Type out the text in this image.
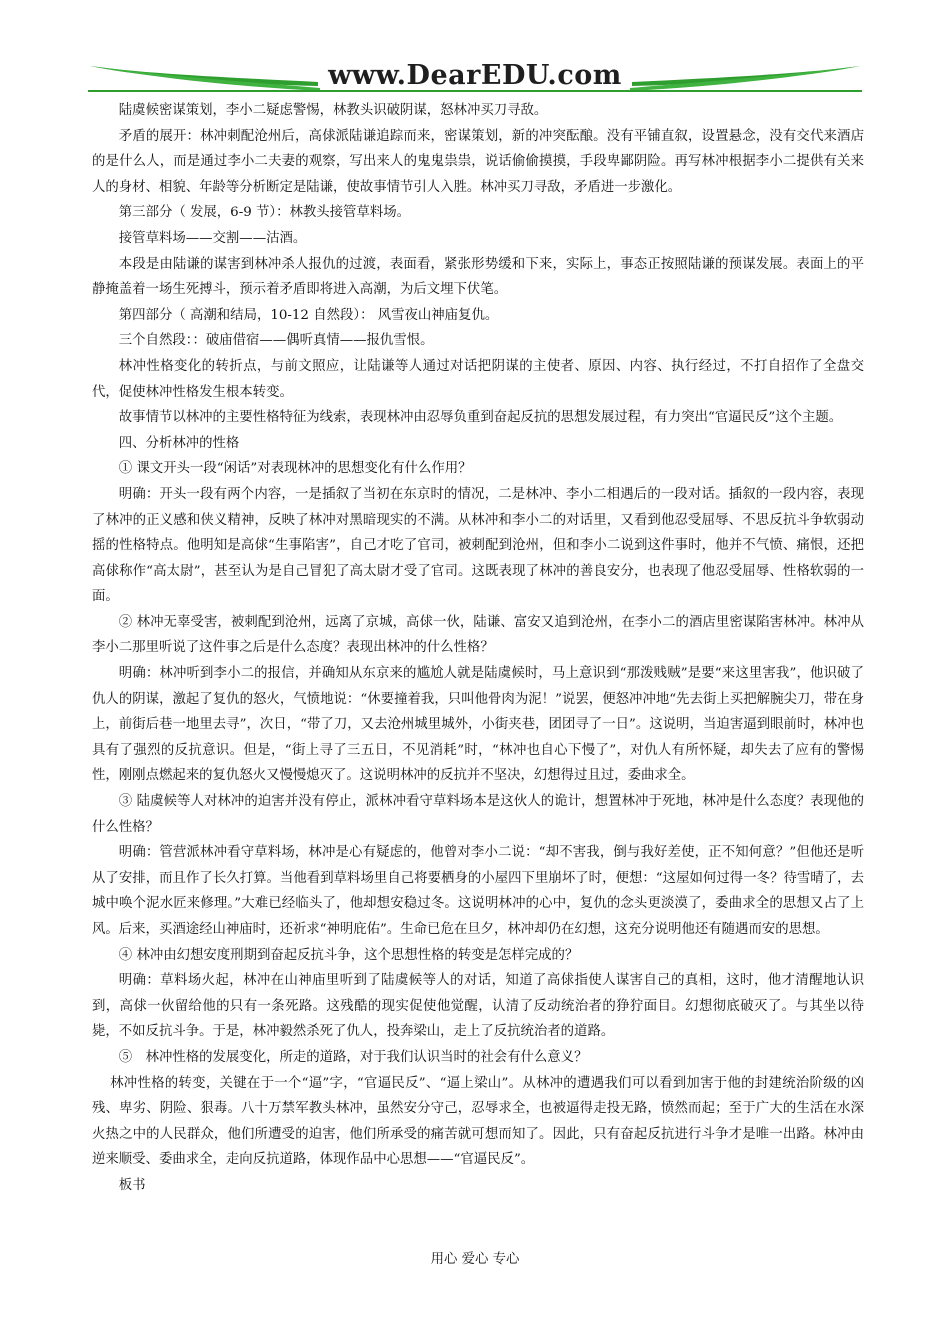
www.DearEDU.com

陆虞候密谋策划，李小二疑虑警惕，林教头识破阴谋，怒林冲买刀寻敌。

矛盾的展开：林冲刺配沧州后，高俅派陆谦追踪而来，密谋策划，新的冲突酝酿。没有平铺直叙，设置悬念，没有交代来酒店的是什么人，而是通过李小二夫妻的观察，写出来人的鬼鬼祟祟，说话偷偷摸摸，手段卑鄙阴险。再写林冲根据李小二提供有关来人的身材、相貌、年龄等分析断定是陆谦，使故事情节引人入胜。林冲买刀寻敌，矛盾进一步激化。

第三部分（ 发展，6-9 节）：林教头接管草料场。

接管草料场——交割——沽酒。

本段是由陆谦的谋害到林冲杀人报仇的过渡，表面看，紧张形势缓和下来，实际上，事态正按照陆谦的预谋发展。表面上的平静掩盖着一场生死搏斗，预示着矛盾即将进入高潮，为后文埋下伏笔。

第四部分（ 高潮和结局，10-12 自然段）： 风雪夜山神庙复仇。

三个自然段：：破庙借宿——偶听真情——报仇雪恨。

林冲性格变化的转折点，与前文照应，让陆谦等人通过对话把阴谋的主使者、原因、内容、执行经过，不打自招作了全盘交代，促使林冲性格发生根本转变。

故事情节以林冲的主要性格特征为线索，表现林冲由忍辱负重到奋起反抗的思想发展过程，有力突出“官逼民反”这个主题。

四、分析林冲的性格

① 课文开头一段“闲话”对表现林冲的思想变化有什么作用？

明确：开头一段有两个内容，一是插叙了当初在东京时的情况，二是林冲、李小二相遇后的一段对话。插叙的一段内容，表现了林冲的正义感和侠义精神，反映了林冲对黑暗现实的不满。从林冲和李小二的对话里，又看到他忍受屈辱、不思反抗斗争软弱动摇的性格特点。他明知是高俅“生事陷害”，自己才吃了官司，被刺配到沧州，但和李小二说到这件事时，他并不气愤、痛恨，还把高俅称作“高太尉”，甚至认为是自己冒犯了高太尉才受了官司。这既表现了林冲的善良安分，也表现了他忍受屈辱、性格软弱的一面。

② 林冲无辜受害，被刺配到沧州，远离了京城，高俅一伙，陆谦、富安又追到沧州，在李小二的酒店里密谋陷害林冲。林冲从李小二那里听说了这件事之后是什么态度？表现出林冲的什么性格？

明确：林冲听到李小二的报信，并确知从东京来的尴尬人就是陆虞候时，马上意识到“那泼贱贼”是要“来这里害我”，他识破了仇人的阴谋，激起了复仇的怒火，气愤地说：“休要撞着我，只叫他骨肉为泥！”说罢，便怒冲冲地“先去街上买把解腕尖刀，带在身上，前街后巷一地里去寻”，次日，“带了刀，又去沧州城里城外，小街夹巷，团团寻了一日”。这说明，当迫害逼到眼前时，林冲也具有了强烈的反抗意识。但是，“街上寻了三五日，不见消耗”时，“林冲也自心下慢了”，对仇人有所怀疑，却失去了应有的警惕性，刚刚点燃起来的复仇怒火又慢慢熄灭了。这说明林冲的反抗并不坚决，幻想得过且过，委曲求全。

③ 陆虞候等人对林冲的迫害并没有停止，派林冲看守草料场本是这伙人的诡计，想置林冲于死地，林冲是什么态度？表现他的什么性格？

明确：管营派林冲看守草料场，林冲是心有疑虑的，他曾对李小二说：“却不害我，倒与我好差使，正不知何意？”但他还是听从了安排，而且作了长久打算。当他看到草料场里自己将要栖身的小屋四下里崩坏了时，便想：“这屋如何过得一冬？待雪晴了，去城中唤个泥水匠来修理。”大难已经临头了，他却想安稳过冬。这说明林冲的心中，复仇的念头更淡漠了，委曲求全的思想又占了上风。后来，买酒途经山神庙时，还祈求“神明庇佑”。生命已危在旦夕，林冲却仍在幻想，这充分说明他还有随遇而安的思想。

④ 林冲由幻想安度刑期到奋起反抗斗争，这个思想性格的转变是怎样完成的？

明确：草料场火起，林冲在山神庙里听到了陆虞候等人的对话，知道了高俅指使人谋害自己的真相，这时，他才清醒地认识到，高俅一伙留给他的只有一条死路。这残酷的现实促使他觉醒，认清了反动统治者的狰狞面目。幻想彻底破灭了。与其坐以待毙，不如反抗斗争。于是，林冲毅然杀死了仇人，投奔梁山，走上了反抗统治者的道路。

⑤　林冲性格的发展变化，所走的道路，对于我们认识当时的社会有什么意义？

林冲性格的转变，关键在于一个“逼”字，“官逼民反”、“逼上梁山”。从林冲的遭遇我们可以看到加害于他的封建统治阶级的凶残、卑劣、阴险、狠毒。八十万禁军教头林冲，虽然安分守己，忍辱求全，也被逼得走投无路，愤然而起；至于广大的生活在水深火热之中的人民群众，他们所遭受的迫害，他们所承受的痛苦就可想而知了。因此，只有奋起反抗进行斗争才是唯一出路。林冲由逆来顺受、委曲求全，走向反抗道路，体现作品中心思想——“官逼民反”。

板书

用心 爱心 专心
